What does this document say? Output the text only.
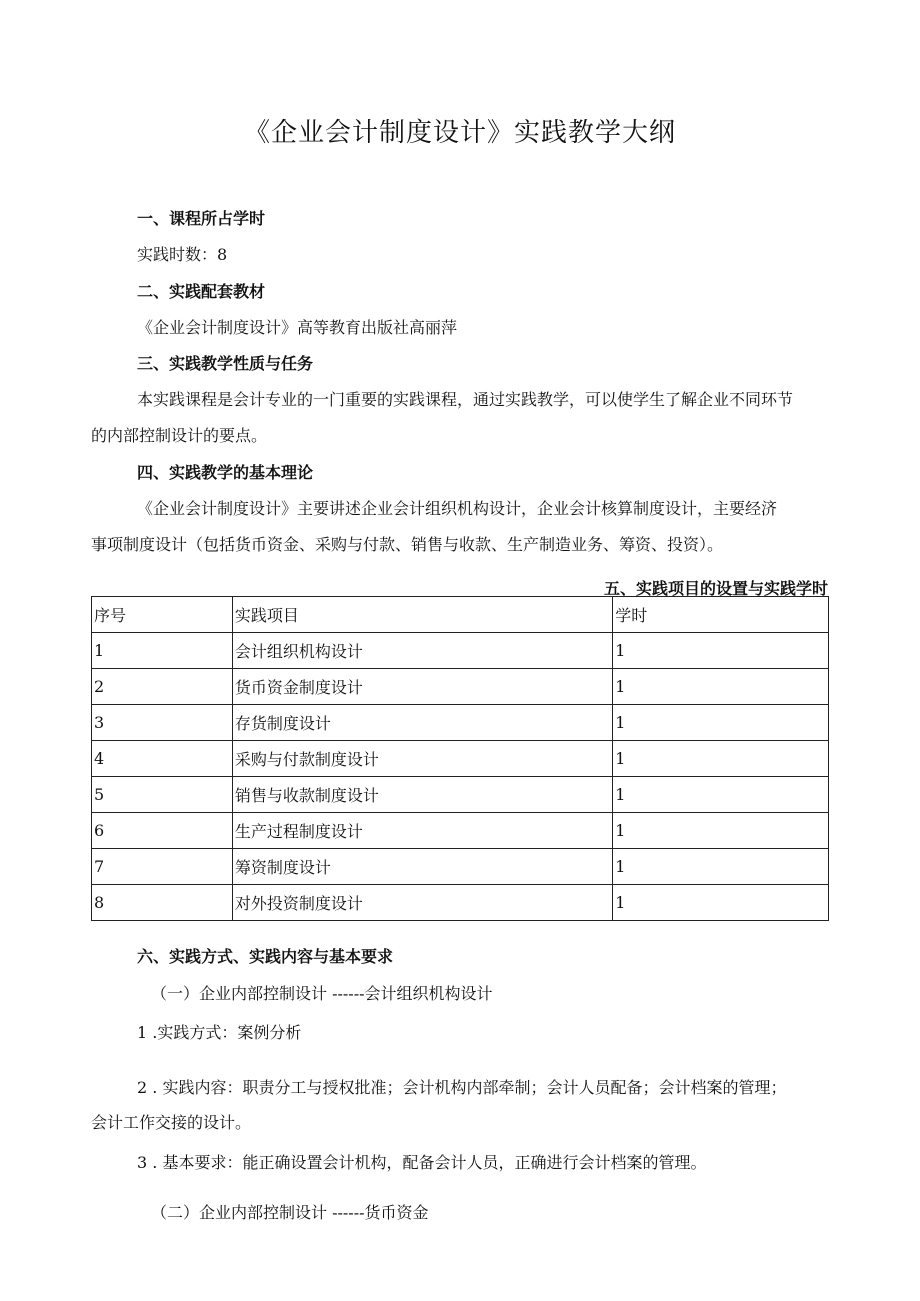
《企业会计制度设计》实践教学大纲
一、课程所占学时

实践时数：8

二、实践配套教材

《企业会计制度设计》高等教育出版社高丽萍

三、实践教学性质与任务

本实践课程是会计专业的一门重要的实践课程，通过实践教学，可以使学生了解企业不同环节

的内部控制设计的要点。

四、实践教学的基本理论

《企业会计制度设计》主要讲述企业会计组织机构设计，企业会计核算制度设计，主要经济

事项制度设计（包括货币资金、采购与付款、销售与收款、生产制造业务、筹资、投资）。

五、实践项目的设置与实践学时
序号	实践项目	学时
1	会计组织机构设计	1
2	货币资金制度设计	1
3	存货制度设计	1
4	采购与付款制度设计	1
5	销售与收款制度设计	1
6	生产过程制度设计	1
7	筹资制度设计	1
8	对外投资制度设计	1
六、实践方式、实践内容与基本要求

（一）企业内部控制设计 ------会计组织机构设计

1 .实践方式：案例分析

2 . 实践内容：职责分工与授权批准；会计机构内部牵制；会计人员配备；会计档案的管理；

会计工作交接的设计。

3 . 基本要求：能正确设置会计机构，配备会计人员，正确进行会计档案的管理。

（二）企业内部控制设计 ------货币资金
